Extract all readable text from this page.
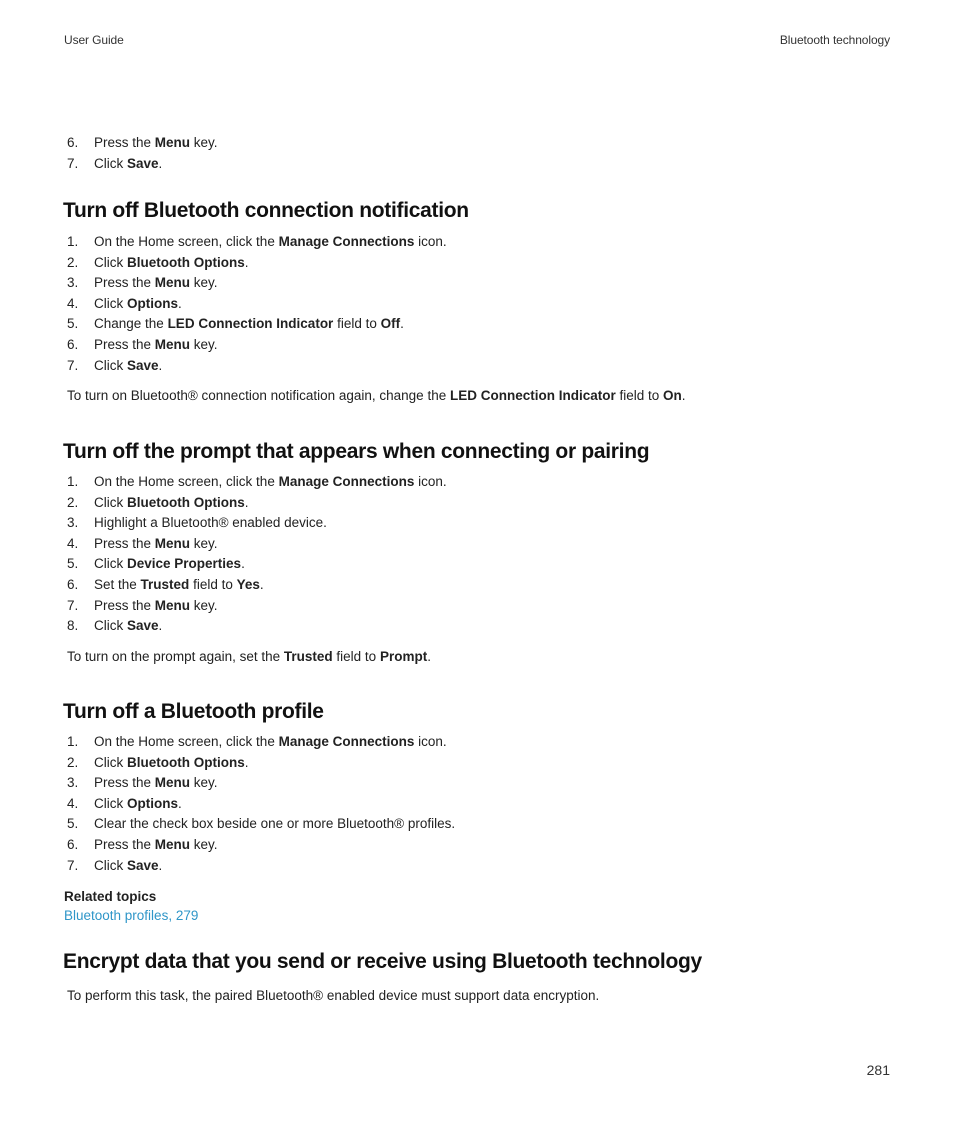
User Guide	Bluetooth technology
6. Press the Menu key.
7. Click Save.
Turn off Bluetooth connection notification
1. On the Home screen, click the Manage Connections icon.
2. Click Bluetooth Options.
3. Press the Menu key.
4. Click Options.
5. Change the LED Connection Indicator field to Off.
6. Press the Menu key.
7. Click Save.
To turn on Bluetooth® connection notification again, change the LED Connection Indicator field to On.
Turn off the prompt that appears when connecting or pairing
1. On the Home screen, click the Manage Connections icon.
2. Click Bluetooth Options.
3. Highlight a Bluetooth® enabled device.
4. Press the Menu key.
5. Click Device Properties.
6. Set the Trusted field to Yes.
7. Press the Menu key.
8. Click Save.
To turn on the prompt again, set the Trusted field to Prompt.
Turn off a Bluetooth profile
1. On the Home screen, click the Manage Connections icon.
2. Click Bluetooth Options.
3. Press the Menu key.
4. Click Options.
5. Clear the check box beside one or more Bluetooth® profiles.
6. Press the Menu key.
7. Click Save.
Related topics
Bluetooth profiles, 279
Encrypt data that you send or receive using Bluetooth technology
To perform this task, the paired Bluetooth® enabled device must support data encryption.
281
